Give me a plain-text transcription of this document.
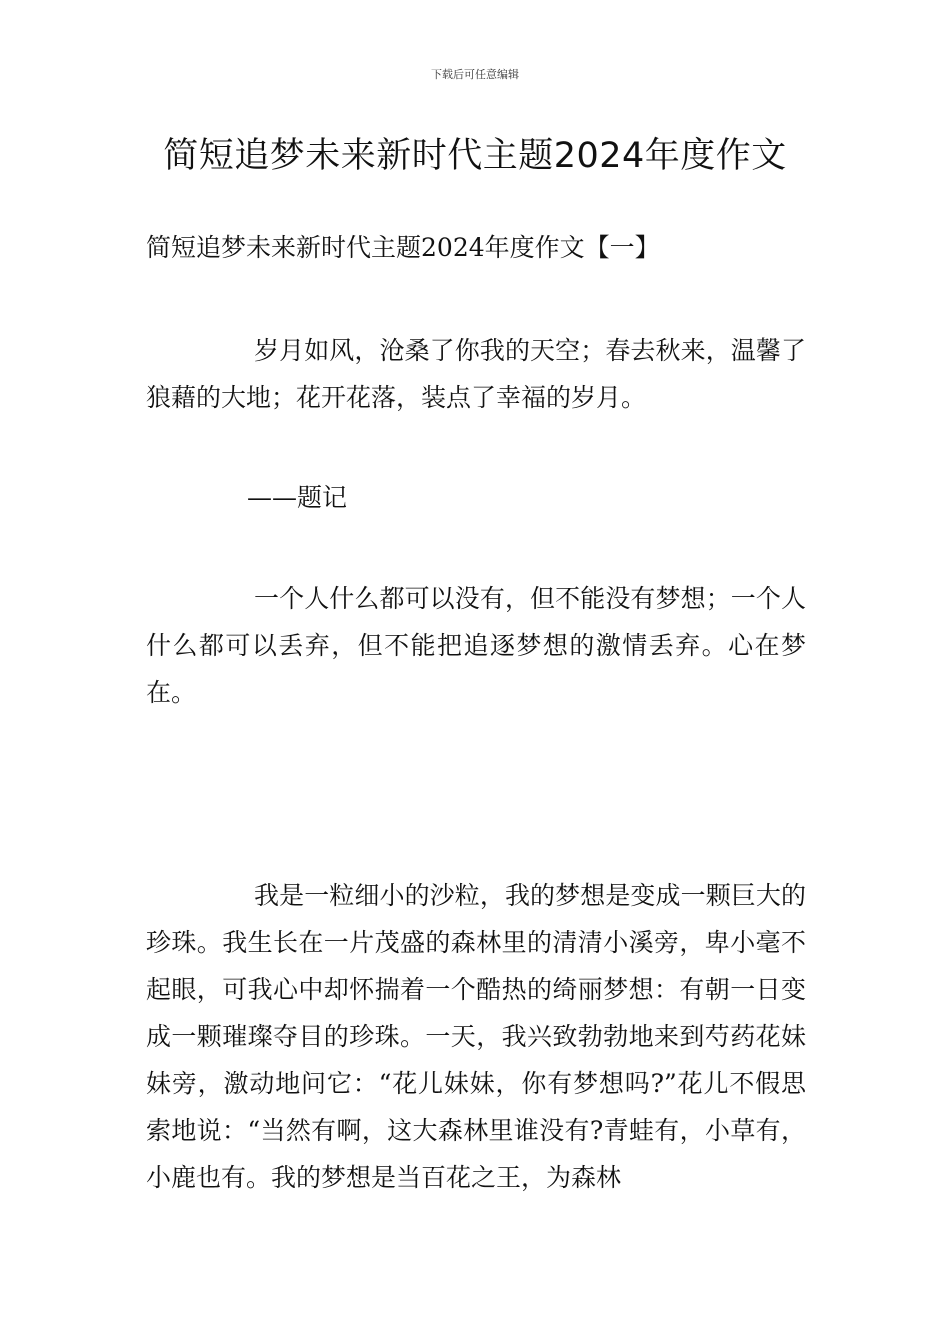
下载后可任意编辑
简短追梦未来新时代主题2024年度作文

简短追梦未来新时代主题2024年度作文【一】

岁月如风，沧桑了你我的天空；春去秋来，温馨了狼藉的大地；花开花落，装点了幸福的岁月。

——题记

一个人什么都可以没有，但不能没有梦想；一个人什么都可以丢弃，但不能把追逐梦想的激情丢弃。心在梦在。

我是一粒细小的沙粒，我的梦想是变成一颗巨大的珍珠。我生长在一片茂盛的森林里的清清小溪旁，卑小毫不起眼，可我心中却怀揣着一个酷热的绮丽梦想：有朝一日变成一颗璀璨夺目的珍珠。一天，我兴致勃勃地来到芍药花妹妹旁，激动地问它：“花儿妹妹，你有梦想吗?”花儿不假思索地说：“当然有啊，这大森林里谁没有?青蛙有，小草有，小鹿也有。我的梦想是当百花之王，为森林
